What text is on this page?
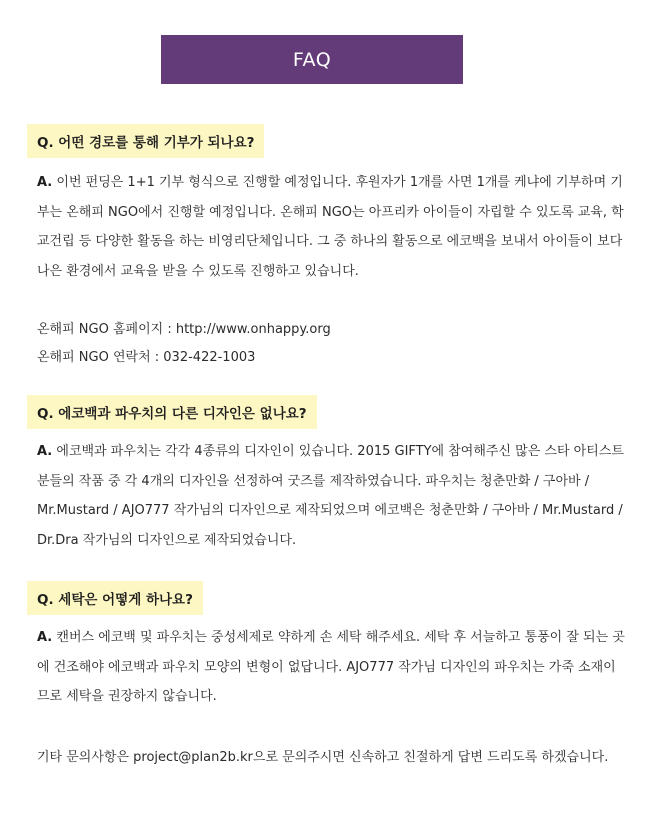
FAQ
Q. 어떤 경로를 통해 기부가 되나요?
A. 이번 펀딩은 1+1 기부 형식으로 진행할 예정입니다. 후원자가 1개를 사면 1개를 케냐에 기부하며 기부는 온해피 NGO에서 진행할 예정입니다. 온해피 NGO는 아프리카 아이들이 자립할 수 있도록 교육, 학교건립 등 다양한 활동을 하는 비영리단체입니다. 그 중 하나의 활동으로 에코백을 보내서 아이들이 보다 나은 환경에서 교육을 받을 수 있도록 진행하고 있습니다.
온해피 NGO 홈페이지 : http://www.onhappy.org
온해피 NGO 연락처 : 032-422-1003
Q. 에코백과 파우치의 다른 디자인은 없나요?
A. 에코백과 파우치는 각각 4종류의 디자인이 있습니다. 2015 GIFTY에 참여해주신 많은 스타 아티스트 분들의 작품 중 각 4개의 디자인을 선정하여 굿즈를 제작하였습니다. 파우치는 청춘만화 / 구아바 / Mr.Mustard / AJO777 작가님의 디자인으로 제작되었으며 에코백은 청춘만화 / 구아바 / Mr.Mustard / Dr.Dra 작가님의 디자인으로 제작되었습니다.
Q. 세탁은 어떻게 하나요?
A. 캔버스 에코백 및 파우치는 중성세제로 약하게 손 세탁 해주세요. 세탁 후 서늘하고 통풍이 잘 되는 곳에 건조해야 에코백과 파우치 모양의 변형이 없답니다. AJO777 작가님 디자인의 파우치는 가죽 소재이므로 세탁을 권장하지 않습니다.
기타 문의사항은 project@plan2b.kr으로 문의주시면 신속하고 친절하게 답변 드리도록 하겠습니다.
